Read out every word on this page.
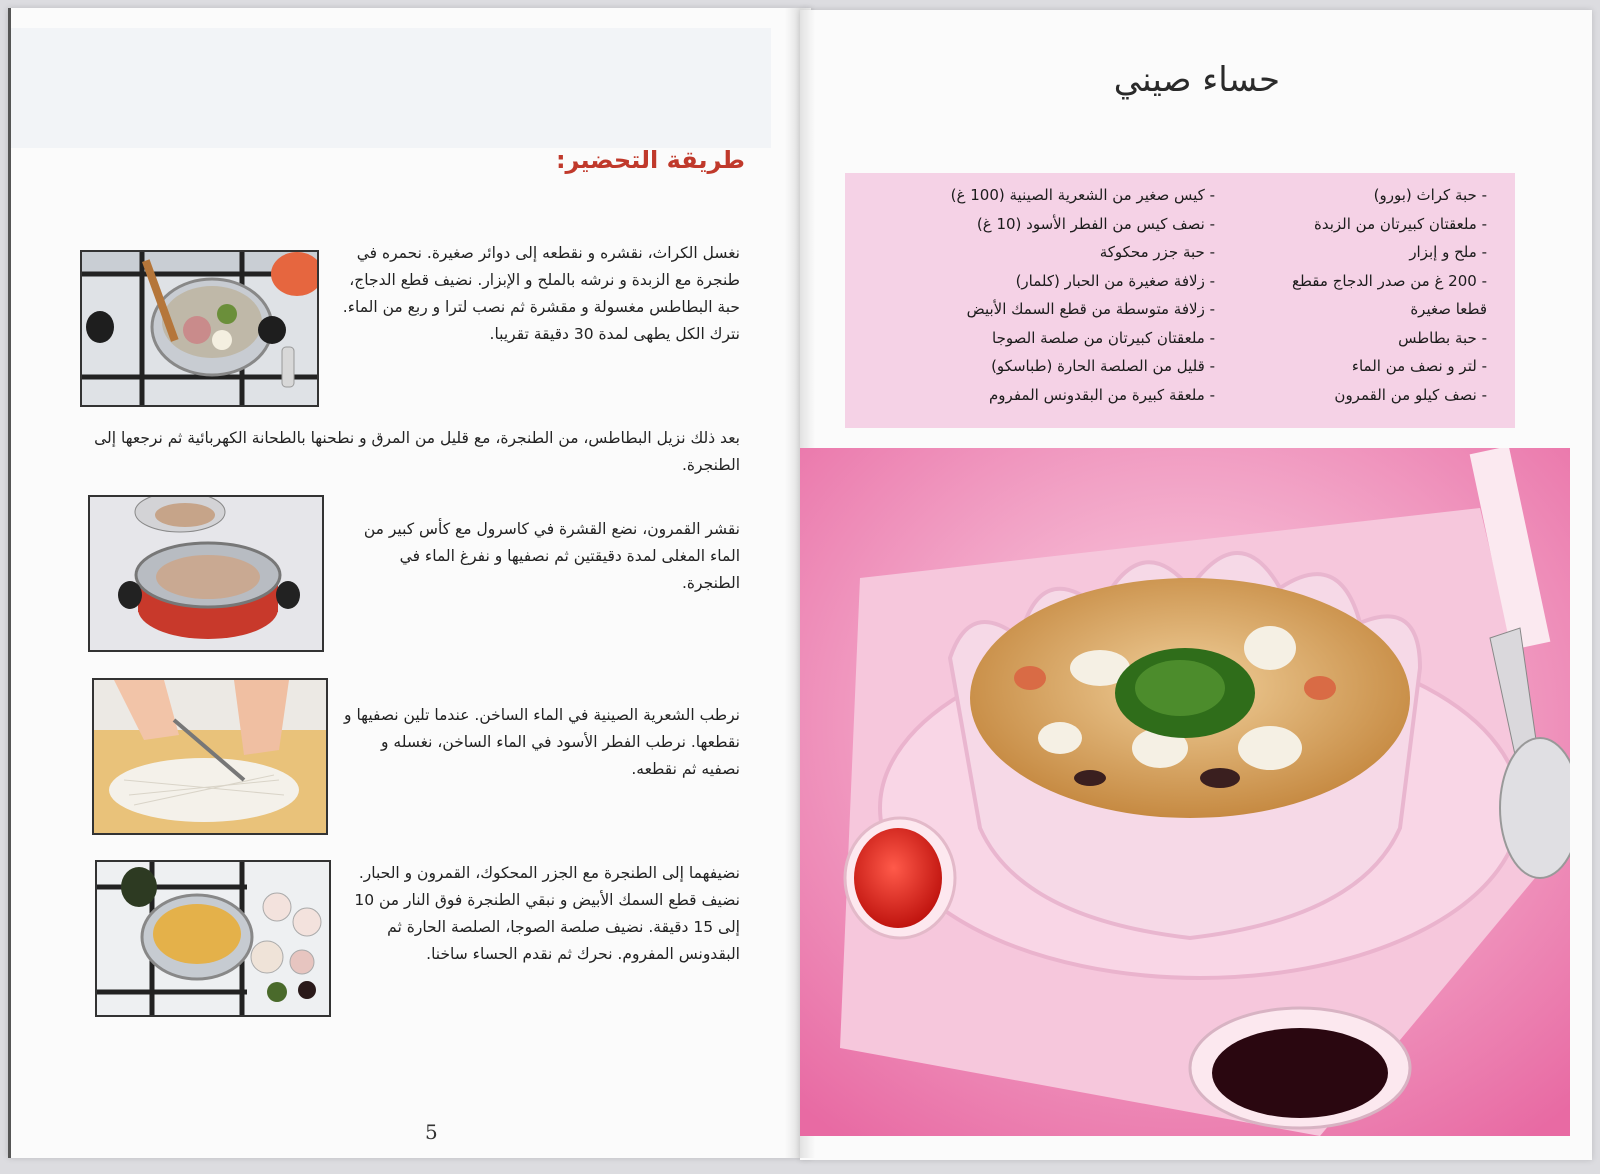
طريقة التحضير:
نغسل الكراث، نقشره و نقطعه إلى دوائر صغيرة. نحمره في طنجرة مع الزبدة و نرشه بالملح و الإبزار. نضيف قطع الدجاج، حبة البطاطس مغسولة و مقشرة ثم نصب لترا و ربع من الماء. نترك الكل يطهى لمدة 30 دقيقة تقريبا.
بعد ذلك نزيل البطاطس، من الطنجرة، مع قليل من المرق و نطحنها بالطحانة الكهربائية ثم نرجعها إلى الطنجرة.
نقشر القمرون، نضع القشرة في كاسرول مع كأس كبير من الماء المغلى لمدة دقيقتين ثم نصفيها و نفرغ الماء في الطنجرة.
نرطب الشعرية الصينية في الماء الساخن. عندما تلين نصفيها و نقطعها. نرطب الفطر الأسود في الماء الساخن، نغسله و نصفيه ثم نقطعه.
نضيفهما إلى الطنجرة مع الجزر المحكوك، القمرون و الحبار. نضيف قطع السمك الأبيض و نبقي الطنجرة فوق النار من 10 إلى 15 دقيقة. نضيف صلصة الصوجا، الصلصة الحارة ثم البقدونس المفروم. نحرك ثم نقدم الحساء ساخنا.
5
حساء صيني
- حبة كراث (بورو)
- ملعقتان كبيرتان من الزبدة
- ملح و إبزار
- 200 غ من صدر الدجاج مقطع
قطعا صغيرة
- حبة بطاطس
- لتر و نصف من الماء
- نصف كيلو من القمرون
- كيس صغير من الشعرية الصينية (100 غ)
- نصف كيس من الفطر الأسود (10 غ)
- حبة جزر محكوكة
- زلافة صغيرة من الحبار (كلمار)
- زلافة متوسطة من قطع السمك الأبيض
- ملعقتان كبيرتان من صلصة الصوجا
- قليل من الصلصة الحارة (طباسكو)
- ملعقة كبيرة من البقدونس المفروم
